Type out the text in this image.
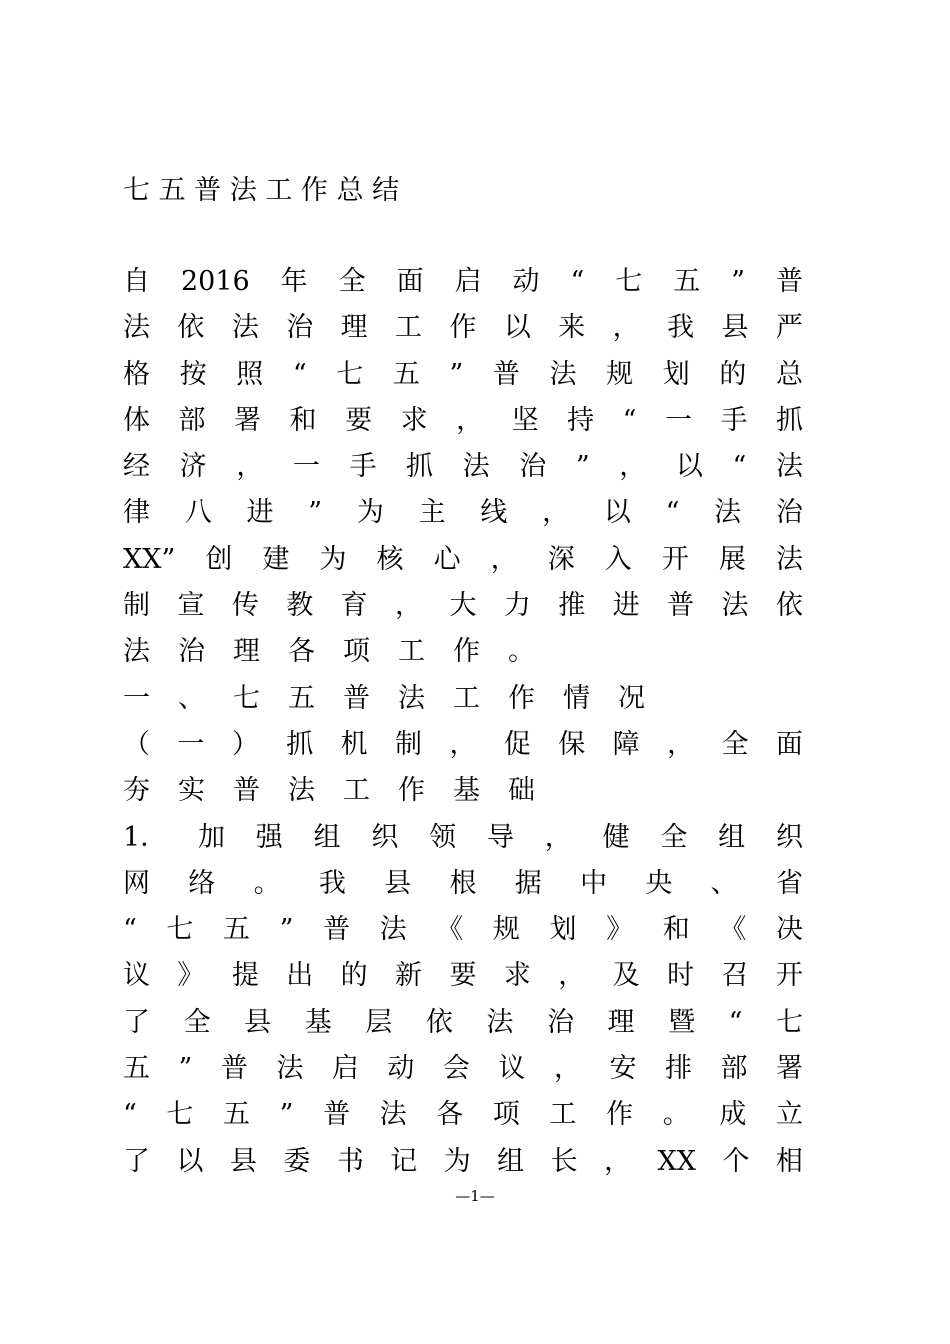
七 五 普 法 工 作 总 结
自 2016 年 全 面 启 动 “ 七 五 ” 普
法 依 法 治 理 工 作 以 来 ， 我 县 严
格 按 照 “ 七 五 ” 普 法 规 划 的 总
体 部 署 和 要 求 ， 坚 持 “ 一 手 抓
经 济 ， 一 手 抓 法 治 ” ， 以 “ 法
律 八 进 ” 为 主 线 ， 以 “ 法 治
XX” 创 建 为 核 心 ， 深 入 开 展 法
制 宣 传 教 育 ， 大 力 推 进 普 法 依
法 治 理 各 项 工 作 。
一 、 七 五 普 法 工 作 情 况
（ 一 ） 抓 机 制 ， 促 保 障 ， 全 面
夯 实 普 法 工 作 基 础
1． 加 强 组 织 领 导 ， 健 全 组 织
网 络 。 我 县 根 据 中 央 、 省
“ 七 五 ” 普 法 《 规 划 》 和 《 决
议 》 提 出 的 新 要 求 ， 及 时 召 开
了 全 县 基 层 依 法 治 理 暨 “ 七
五 ” 普 法 启 动 会 议 ， 安 排 部 署
“ 七 五 ” 普 法 各 项 工 作 。 成 立
了 以 县 委 书 记 为 组 长 ， XX 个 相
—1—
